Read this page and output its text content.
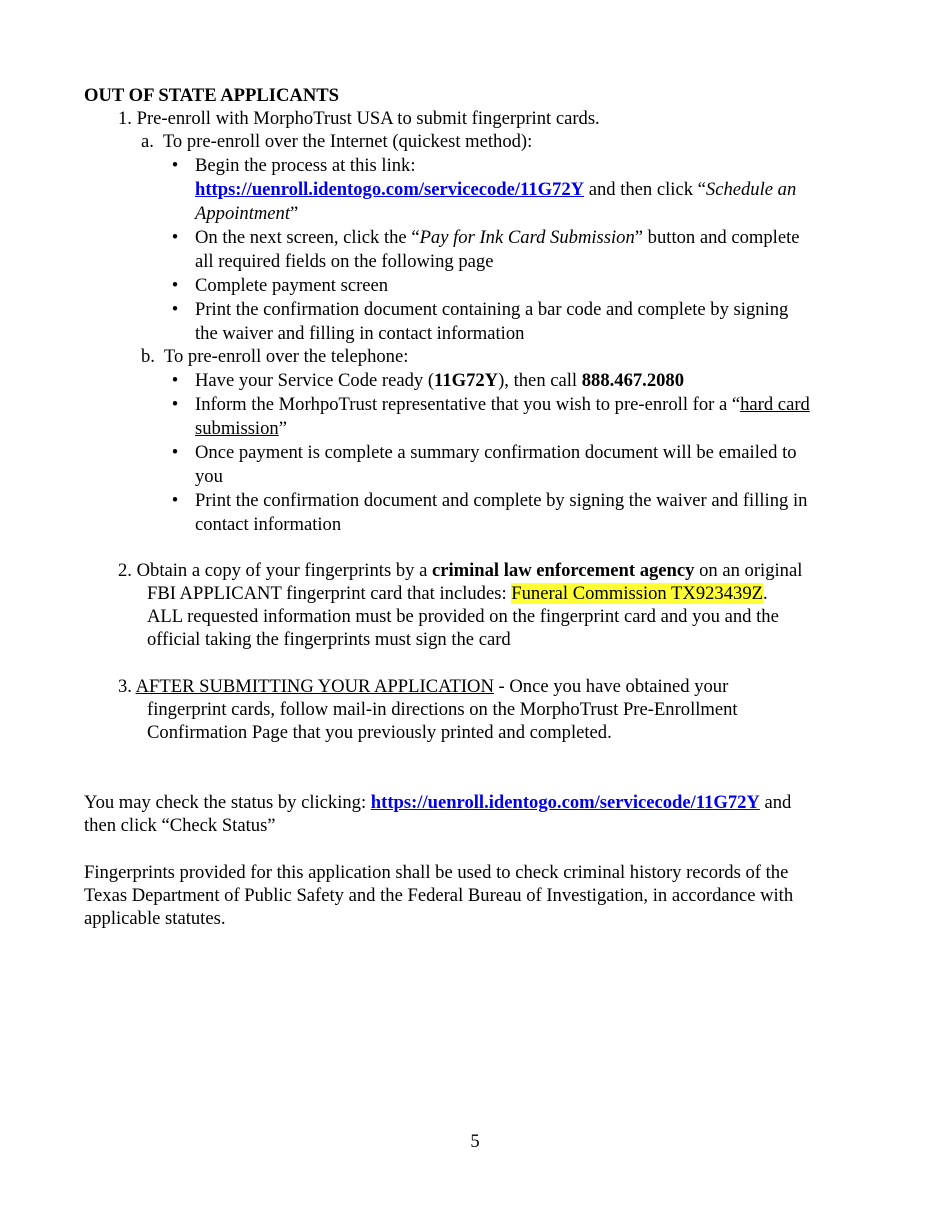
OUT OF STATE APPLICANTS
1. Pre-enroll with MorphoTrust USA to submit fingerprint cards.
a. To pre-enroll over the Internet (quickest method):
• Begin the process at this link:
https://uenroll.identogo.com/servicecode/11G72Y and then click “Schedule an
Appointment”
• On the next screen, click the “Pay for Ink Card Submission” button and complete
all required fields on the following page
• Complete payment screen
• Print the confirmation document containing a bar code and complete by signing
the waiver and filling in contact information
b. To pre-enroll over the telephone:
• Have your Service Code ready (11G72Y), then call 888.467.2080
• Inform the MorhpoTrust representative that you wish to pre-enroll for a “hard card
submission”
• Once payment is complete a summary confirmation document will be emailed to
you
• Print the confirmation document and complete by signing the waiver and filling in
contact information
2. Obtain a copy of your fingerprints by a criminal law enforcement agency on an original
FBI APPLICANT fingerprint card that includes: Funeral Commission TX923439Z.
ALL requested information must be provided on the fingerprint card and you and the
official taking the fingerprints must sign the card
3. AFTER SUBMITTING YOUR APPLICATION - Once you have obtained your
fingerprint cards, follow mail-in directions on the MorphoTrust Pre-Enrollment
Confirmation Page that you previously printed and completed.
You may check the status by clicking: https://uenroll.identogo.com/servicecode/11G72Y and
then click “Check Status”
Fingerprints provided for this application shall be used to check criminal history records of the
Texas Department of Public Safety and the Federal Bureau of Investigation, in accordance with
applicable statutes.
5
